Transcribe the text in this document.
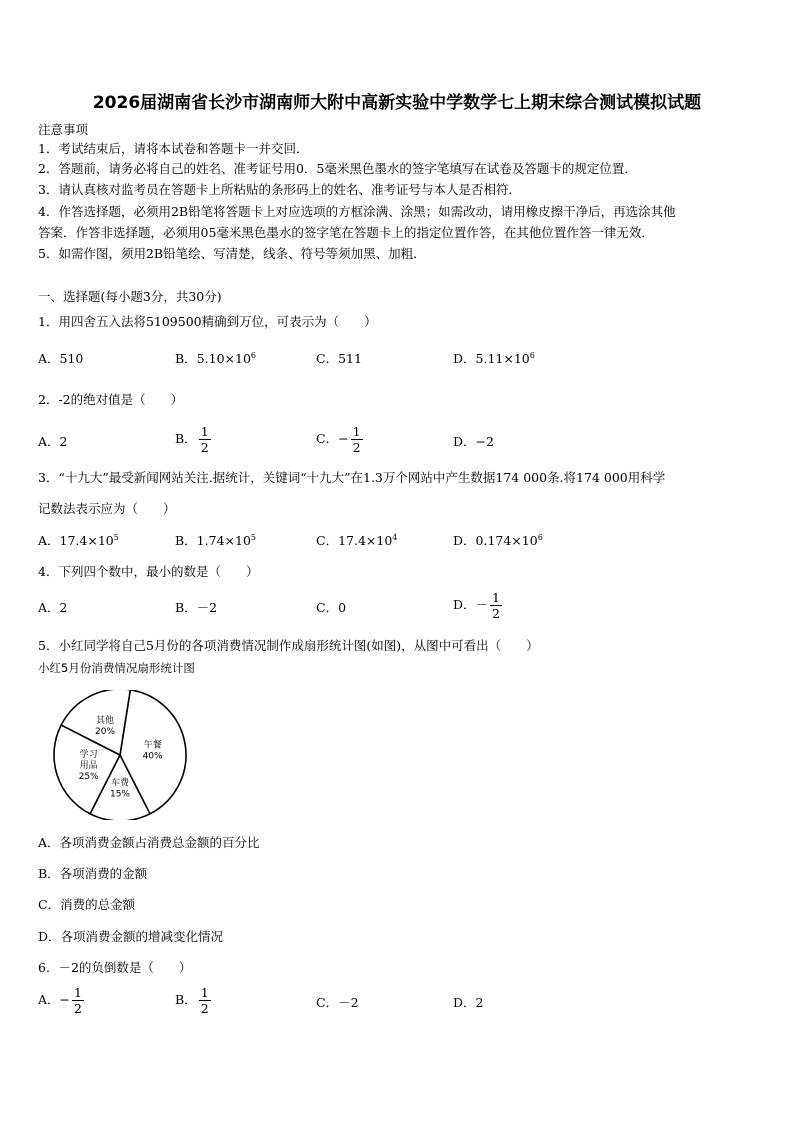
2026届湖南省长沙市湖南师大附中高新实验中学数学七上期末综合测试模拟试题
注意事项
1．考试结束后，请将本试卷和答题卡一并交回．
2．答题前，请务必将自己的姓名、准考证号用0．5毫米黑色墨水的签字笔填写在试卷及答题卡的规定位置．
3．请认真核对监考员在答题卡上所粘贴的条形码上的姓名、准考证号与本人是否相符．
4．作答选择题，必须用2B铅笔将答题卡上对应选项的方框涂满、涂黑；如需改动，请用橡皮擦干净后，再选涂其他
答案．作答非选择题，必须用05毫米黑色墨水的签字笔在答题卡上的指定位置作答，在其他位置作答一律无效．
5．如需作图，须用2B铅笔绘、写清楚，线条、符号等须加黑、加粗．
一、选择题(每小题3分，共30分)
1．用四舍五入法将5109500精确到万位，可表示为（　　）
A．510	B．$5.10\times 10^6$	C．511	D．$5.11\times 10^6$
2．-2的绝对值是（　　）
A．2	B． $\frac{1}{2}$	C．− $\frac{1}{2}$	D．−2
3．“十九大”最受新闻网站关注.据统计，关键词“十九大”在1.3万个网站中产生数据174 000条.将174 000用科学
记数法表示应为（　　）
A．$17.4\times 10^5$	B．$1.74\times 10^5$	C．$17.4\times 10^4$	D．$0.174\times 10^6$
4．下列四个数中，最小的数是（　　）
A．2	B．－2	C．0	D．－ $\frac{1}{2}$
5．小红同学将自己5月份的各项消费情况制作成扇形统计图(如图)，从图中可看出（　　）
小红5月份消费情况扇形统计图
午餐
40%
车费
15%
学习
用品
25%
其他
20%
A．各项消费金额占消费总金额的百分比
B．各项消费的金额
C．消费的总金额
D．各项消费金额的增减变化情况
6．－2的负倒数是（　　）
A．− $\frac{1}{2}$	B． $\frac{1}{2}$	C．－2	D．2
